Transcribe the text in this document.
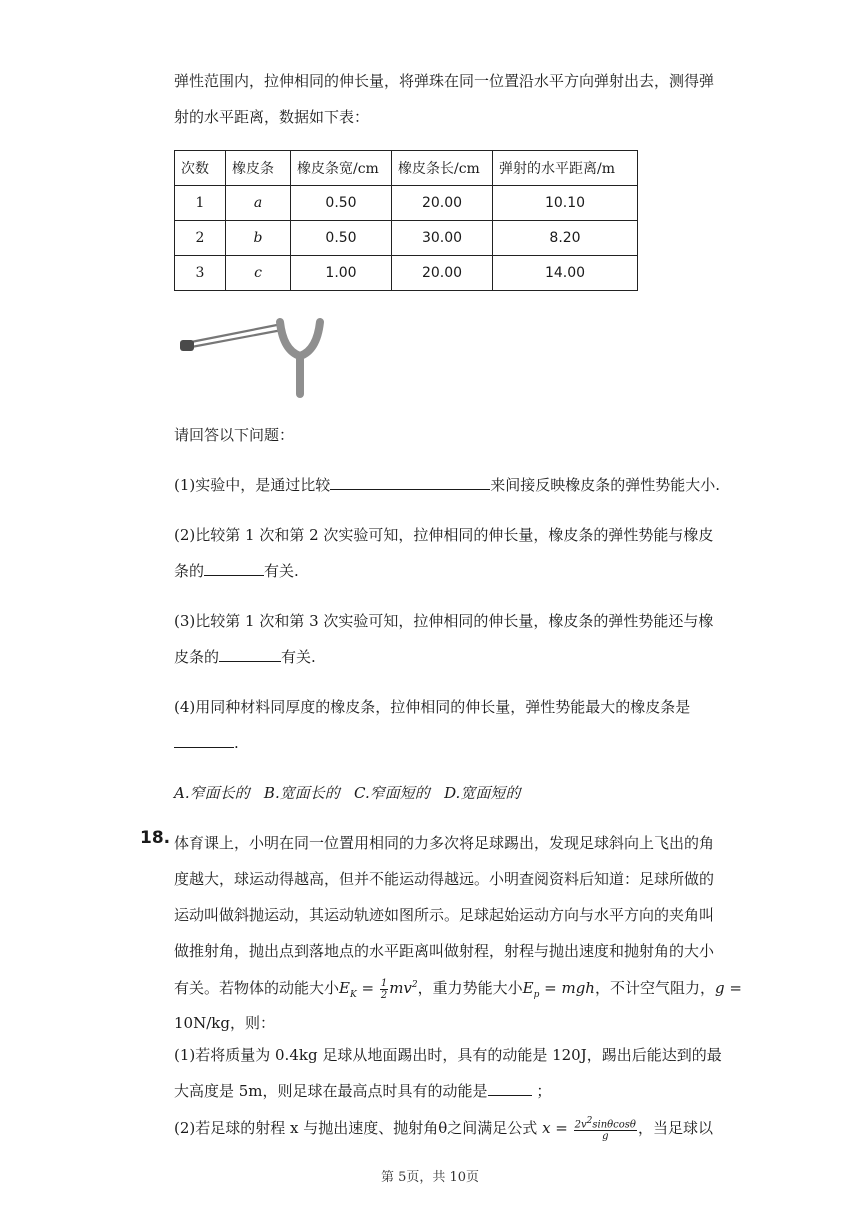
弹性范围内，拉伸相同的伸长量，将弹珠在同一位置沿水平方向弹射出去，测得弹
射的水平距离，数据如下表：
次数	橡皮条	橡皮条宽/cm	橡皮条长/cm	弹射的水平距离/m
1	a	0.50	20.00	10.10
2	b	0.50	30.00	8.20
3	c	1.00	20.00	14.00
请回答以下问题：
(1)实验中，是通过比较	来间接反映橡皮条的弹性势能大小.
(2)比较第 1 次和第 2 次实验可知，拉伸相同的伸长量，橡皮条的弹性势能与橡皮
条的	有关.
(3)比较第 1 次和第 3 次实验可知，拉伸相同的伸长量，橡皮条的弹性势能还与橡
皮条的	有关.
(4)用同种材料同厚度的橡皮条，拉伸相同的伸长量，弹性势能最大的橡皮条是
.
A.窄面长的 B.宽面长的 C.窄面短的 D.宽面短的
18. 体育课上，小明在同一位置用相同的力多次将足球踢出，发现足球斜向上飞出的角
度越大，球运动得越高，但并不能运动得越远。小明查阅资料后知道：足球所做的
运动叫做斜抛运动，其运动轨迹如图所示。足球起始运动方向与水平方向的夹角叫
做推射角，抛出点到落地点的水平距离叫做射程，射程与抛出速度和抛射角的大小
有关。若物体的动能大小$E_K = \frac{1}{2} mv^2$，重力势能大小$E_p$ = mgh，不计空气阻力，g =
10N/kg，则：
(1)若将质量为 0.4kg 足球从地面踢出时，具有的动能是 120J，踢出后能达到的最
大高度是 5m，则足球在最高点时具有的动能是	；
(2)若足球的射程 x 与抛出速度、抛射角θ之间满足公式 $x = \frac{2v^2\sin\theta\cos\theta}{g}$ ，当足球以
第 5页，共 10页
